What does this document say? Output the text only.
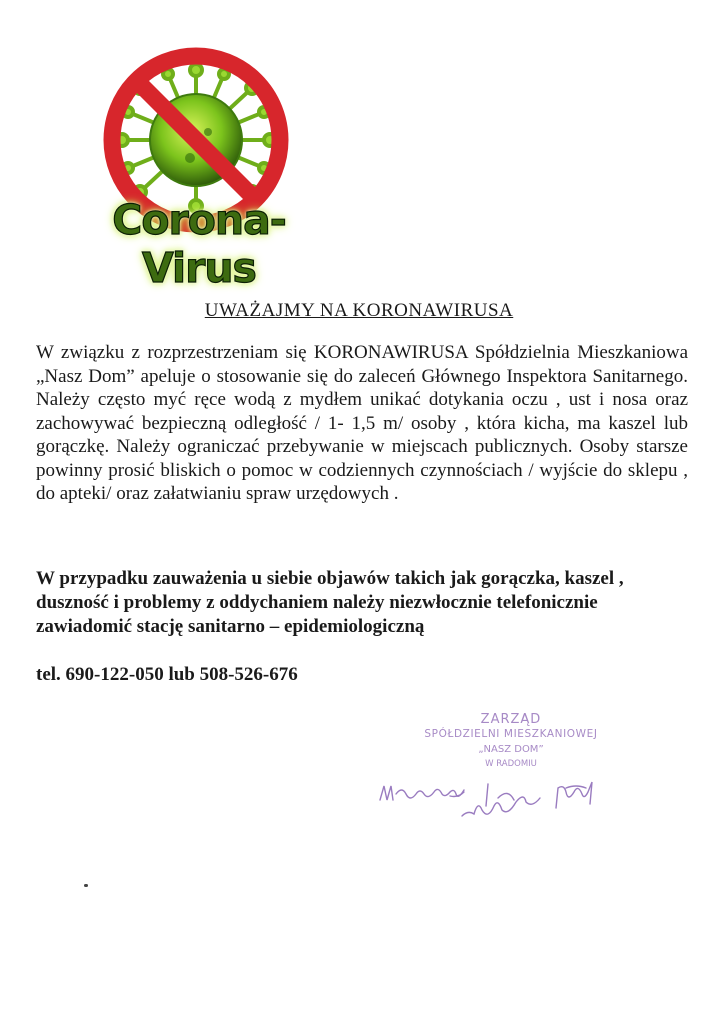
Corona-Virus
UWAŻAJMY NA KORONAWIRUSA
W związku z rozprzestrzeniam się KORONAWIRUSA Spółdzielnia Mieszkaniowa „Nasz Dom” apeluje o stosowanie się do zaleceń Głównego Inspektora Sanitarnego. Należy często myć ręce wodą z mydłem unikać dotykania oczu , ust i nosa oraz zachowywać bezpieczną odległość / 1- 1,5 m/ osoby , która kicha, ma kaszel lub gorączkę. Należy ograniczać przebywanie w miejscach publicznych. Osoby starsze powinny prosić bliskich o pomoc w codziennych czynnościach / wyjście do sklepu , do apteki/ oraz załatwianiu spraw urzędowych .
W przypadku zauważenia u siebie objawów takich jak gorączka, kaszel , duszność i problemy z oddychaniem należy niezwłocznie telefonicznie zawiadomić stację sanitarno – epidemiologiczną
tel. 690-122-050 lub 508-526-676
ZARZĄD
SPÓŁDZIELNI MIESZKANIOWEJ
„NASZ DOM”
W RADOMIU
